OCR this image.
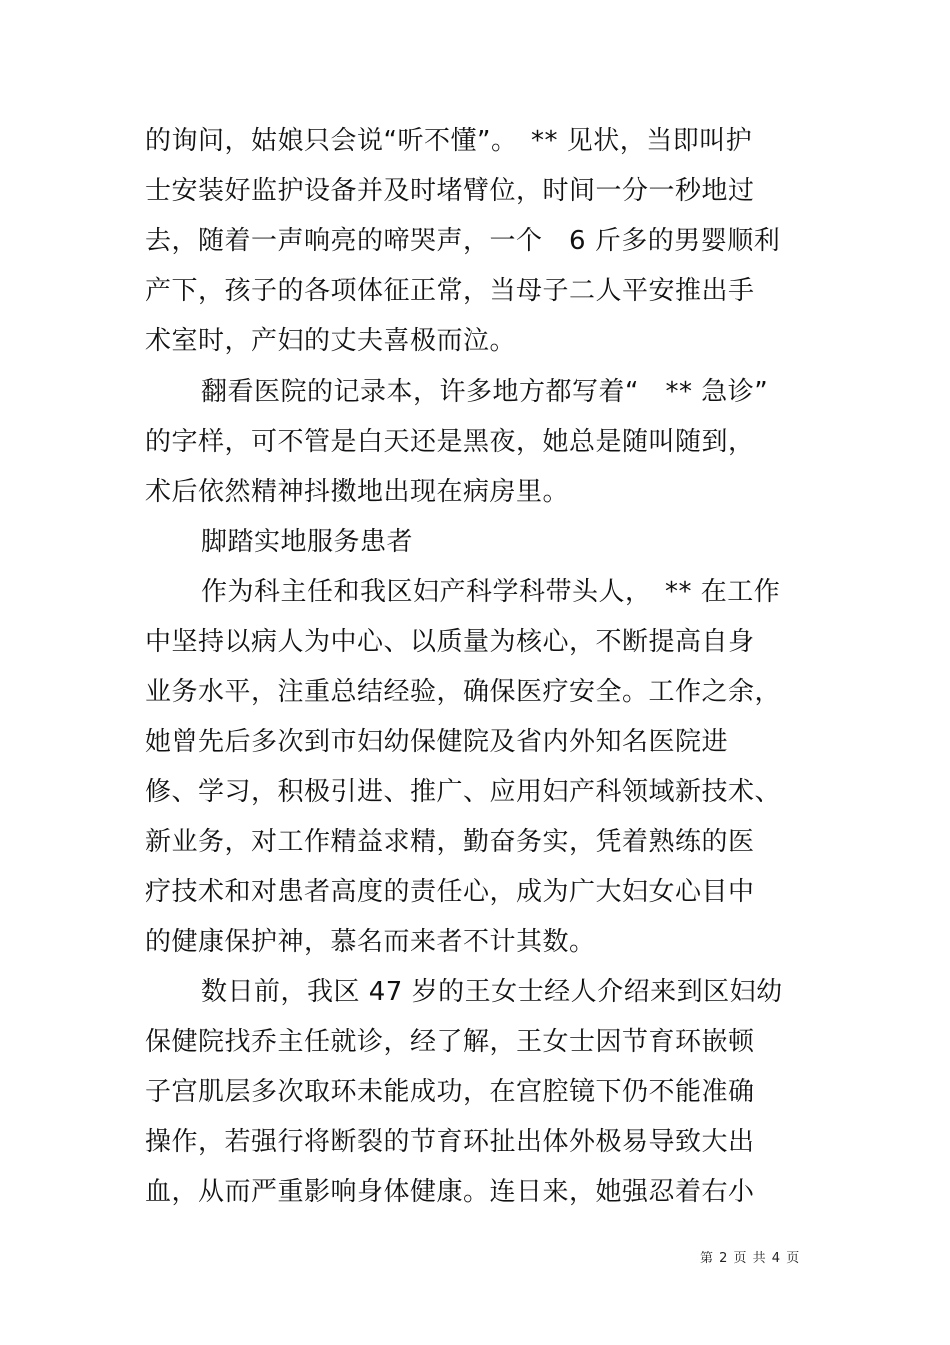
的询问，姑娘只会说“听不懂”。　** 见状，当即叫护
士安装好监护设备并及时堵臂位，时间一分一秒地过
去，随着一声响亮的啼哭声，一个　6 斤多的男婴顺利
产下，孩子的各项体征正常，当母子二人平安推出手
术室时，产妇的丈夫喜极而泣。
翻看医院的记录本，许多地方都写着“　** 急诊”
的字样，可不管是白天还是黑夜，她总是随叫随到，
术后依然精神抖擞地出现在病房里。
脚踏实地服务患者
作为科主任和我区妇产科学科带头人，　** 在工作
中坚持以病人为中心、以质量为核心，不断提高自身
业务水平，注重总结经验，确保医疗安全。工作之余，
她曾先后多次到市妇幼保健院及省内外知名医院进
修、学习，积极引进、推广、应用妇产科领域新技术、
新业务，对工作精益求精，勤奋务实，凭着熟练的医
疗技术和对患者高度的责任心，成为广大妇女心目中
的健康保护神，慕名而来者不计其数。
数日前，我区 47 岁的王女士经人介绍来到区妇幼
保健院找乔主任就诊，经了解，王女士因节育环嵌顿
子宫肌层多次取环未能成功，在宫腔镜下仍不能准确
操作，若强行将断裂的节育环扯出体外极易导致大出
血，从而严重影响身体健康。连日来，她强忍着右小
第 2 页 共 4 页
